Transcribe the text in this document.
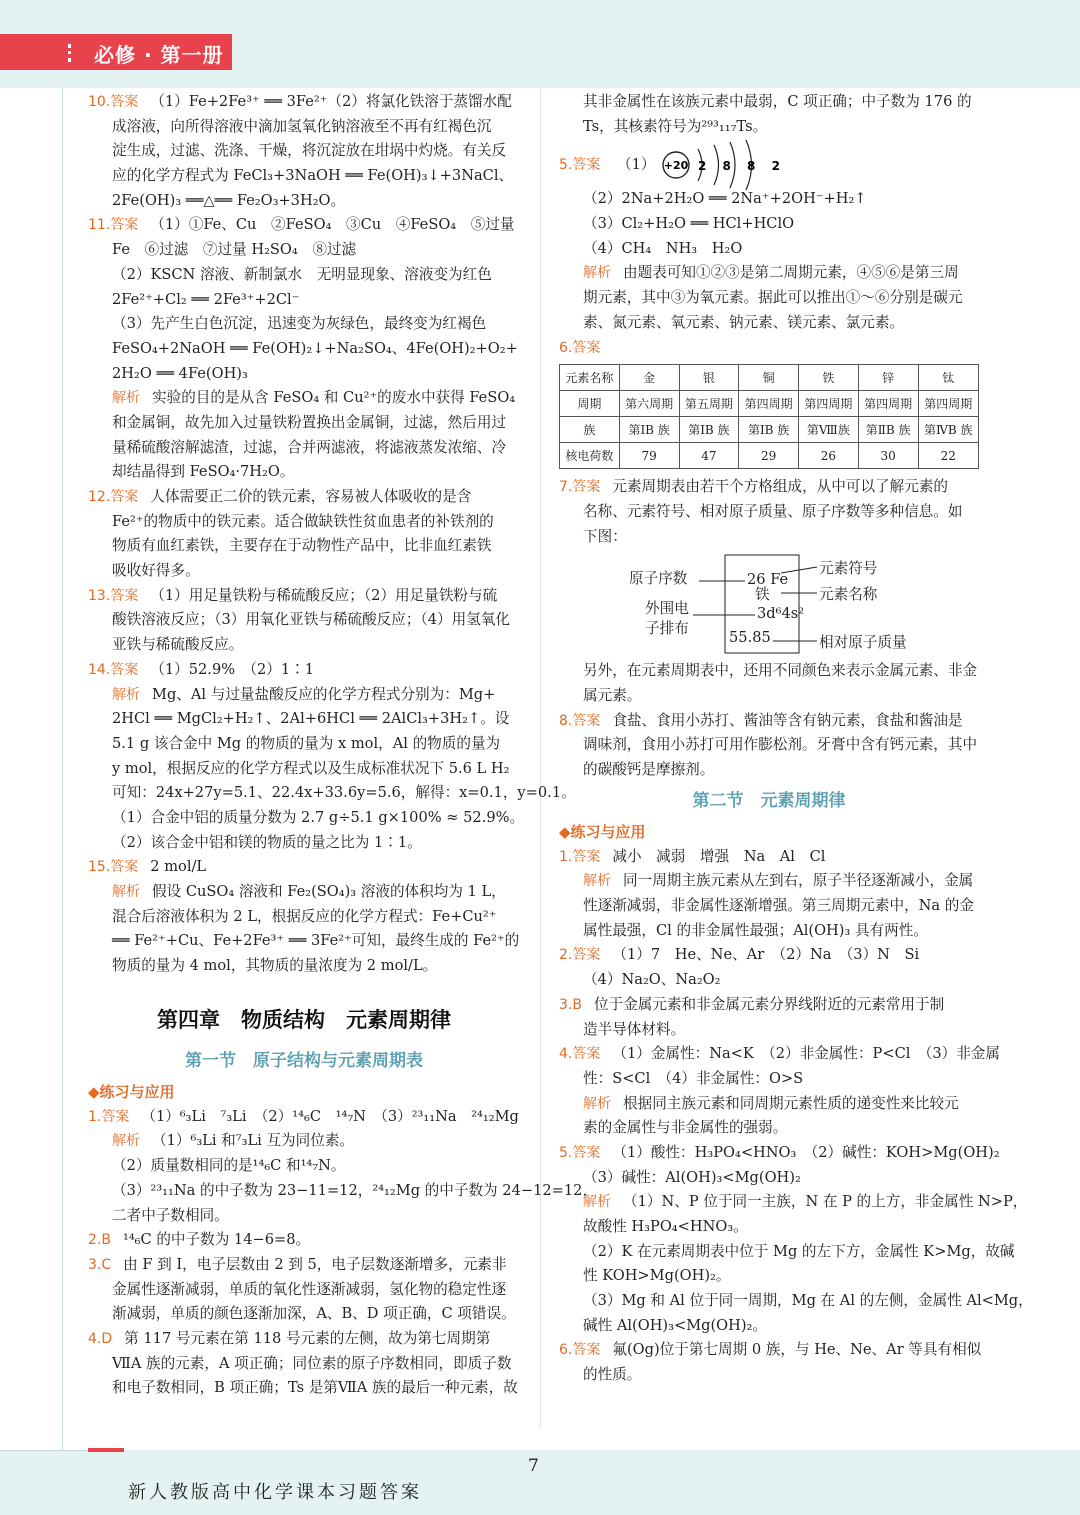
必修 · 第一册
10.答案 （1）Fe+2Fe³⁺ ══ 3Fe²⁺（2）将氯化铁溶于蒸馏水配
成溶液，向所得溶液中滴加氢氧化钠溶液至不再有红褐色沉
淀生成，过滤、洗涤、干燥，将沉淀放在坩埚中灼烧。有关反
应的化学方程式为 FeCl₃+3NaOH ══ Fe(OH)₃↓+3NaCl、
2Fe(OH)₃ ══△══ Fe₂O₃+3H₂O。
11.答案 （1）①Fe、Cu　②FeSO₄　③Cu　④FeSO₄　⑤过量
Fe　⑥过滤　⑦过量 H₂SO₄　⑧过滤
（2）KSCN 溶液、新制氯水　无明显现象、溶液变为红色
2Fe²⁺+Cl₂ ══ 2Fe³⁺+2Cl⁻
（3）先产生白色沉淀，迅速变为灰绿色，最终变为红褐色
FeSO₄+2NaOH ══ Fe(OH)₂↓+Na₂SO₄、4Fe(OH)₂+O₂+
2H₂O ══ 4Fe(OH)₃
解析 实验的目的是从含 FeSO₄ 和 Cu²⁺的废水中获得 FeSO₄
和金属铜，故先加入过量铁粉置换出金属铜，过滤，然后用过
量稀硫酸溶解滤渣，过滤，合并两滤液，将滤液蒸发浓缩、冷
却结晶得到 FeSO₄·7H₂O。
12.答案 人体需要正二价的铁元素，容易被人体吸收的是含
Fe²⁺的物质中的铁元素。适合做缺铁性贫血患者的补铁剂的
物质有血红素铁，主要存在于动物性产品中，比非血红素铁
吸收好得多。
13.答案 （1）用足量铁粉与稀硫酸反应；（2）用足量铁粉与硫
酸铁溶液反应；（3）用氧化亚铁与稀硫酸反应；（4）用氢氧化
亚铁与稀硫酸反应。
14.答案 （1）52.9%　（2）1∶1
解析 Mg、Al 与过量盐酸反应的化学方程式分别为：Mg+
2HCl ══ MgCl₂+H₂↑、2Al+6HCl ══ 2AlCl₃+3H₂↑。设
5.1 g 该合金中 Mg 的物质的量为 x mol，Al 的物质的量为
y mol，根据反应的化学方程式以及生成标准状况下 5.6 L H₂
可知：24x+27y=5.1、22.4x+33.6y=5.6，解得：x=0.1，y=0.1。
（1）合金中铝的质量分数为 2.7 g÷5.1 g×100% ≈ 52.9%。
（2）该合金中铝和镁的物质的量之比为 1∶1。
15.答案 2 mol/L
解析 假设 CuSO₄ 溶液和 Fe₂(SO₄)₃ 溶液的体积均为 1 L，
混合后溶液体积为 2 L，根据反应的化学方程式：Fe+Cu²⁺
══ Fe²⁺+Cu、Fe+2Fe³⁺ ══ 3Fe²⁺可知，最终生成的 Fe²⁺的
物质的量为 4 mol，其物质的量浓度为 2 mol/L。
第四章　物质结构　元素周期律
第一节　原子结构与元素周期表
◆练习与应用
1.答案 （1）⁶₃Li　⁷₃Li　（2）¹⁴₆C　¹⁴₇N　（3）²³₁₁Na　²⁴₁₂Mg
解析 （1）⁶₃Li 和⁷₃Li 互为同位素。
（2）质量数相同的是¹⁴₆C 和¹⁴₇N。
（3）²³₁₁Na 的中子数为 23−11=12，²⁴₁₂Mg 的中子数为 24−12=12，
二者中子数相同。
2.B ¹⁴₆C 的中子数为 14−6=8。
3.C 由 F 到 I，电子层数由 2 到 5，电子层数逐渐增多，元素非
金属性逐渐减弱，单质的氧化性逐渐减弱，氢化物的稳定性逐
渐减弱，单质的颜色逐渐加深，A、B、D 项正确，C 项错误。
4.D 第 117 号元素在第 118 号元素的左侧，故为第七周期第
ⅦA 族的元素，A 项正确；同位素的原子序数相同，即质子数
和电子数相同，B 项正确；Ts 是第ⅦA 族的最后一种元素，故
其非金属性在该族元素中最弱，C 项正确；中子数为 176 的
Ts，其核素符号为²⁹³₁₁₇Ts。
5.答案 （1） +20 2 8 8 2
（2）2Na+2H₂O ══ 2Na⁺+2OH⁻+H₂↑
（3）Cl₂+H₂O ══ HCl+HClO
（4）CH₄　NH₃　H₂O
解析 由题表可知①②③是第二周期元素，④⑤⑥是第三周
期元素，其中③为氧元素。据此可以推出①～⑥分别是碳元
素、氮元素、氧元素、钠元素、镁元素、氯元素。
6.答案
元素名称	金	银	铜	铁	锌	钛
周期	第六周期	第五周期	第四周期	第四周期	第四周期	第四周期
族	第ⅠB 族	第ⅠB 族	第ⅠB 族	第Ⅷ族	第ⅡB 族	第ⅣB 族
核电荷数	79	47	29	26	30	22
7.答案 元素周期表由若干个方格组成，从中可以了解元素的
名称、元素符号、相对原子质量、原子序数等多种信息。如
下图：
原子序数
外围电
子排布
26 Fe
铁
3d⁶4s²
55.85
元素符号
元素名称
相对原子质量
另外，在元素周期表中，还用不同颜色来表示金属元素、非金
属元素。
8.答案 食盐、食用小苏打、酱油等含有钠元素，食盐和酱油是
调味剂，食用小苏打可用作膨松剂。牙膏中含有钙元素，其中
的碳酸钙是摩擦剂。
第二节　元素周期律
◆练习与应用
1.答案 减小　减弱　增强　Na　Al　Cl
解析 同一周期主族元素从左到右，原子半径逐渐减小，金属
性逐渐减弱，非金属性逐渐增强。第三周期元素中，Na 的金
属性最强，Cl 的非金属性最强；Al(OH)₃ 具有两性。
2.答案 （1）7　He、Ne、Ar　（2）Na　（3）N　Si
（4）Na₂O、Na₂O₂
3.B 位于金属元素和非金属元素分界线附近的元素常用于制
造半导体材料。
4.答案 （1）金属性：Na<K　（2）非金属性：P<Cl　（3）非金属
性：S<Cl　（4）非金属性：O>S
解析 根据同主族元素和同周期元素性质的递变性来比较元
素的金属性与非金属性的强弱。
5.答案 （1）酸性：H₃PO₄<HNO₃　（2）碱性：KOH>Mg(OH)₂
（3）碱性：Al(OH)₃<Mg(OH)₂
解析 （1）N、P 位于同一主族，N 在 P 的上方，非金属性 N>P，
故酸性 H₃PO₄<HNO₃。
（2）K 在元素周期表中位于 Mg 的左下方，金属性 K>Mg，故碱
性 KOH>Mg(OH)₂。
（3）Mg 和 Al 位于同一周期，Mg 在 Al 的左侧，金属性 Al<Mg，
碱性 Al(OH)₃<Mg(OH)₂。
6.答案 氟(Og)位于第七周期 0 族，与 He、Ne、Ar 等具有相似
的性质。
7
新人教版高中化学课本习题答案
